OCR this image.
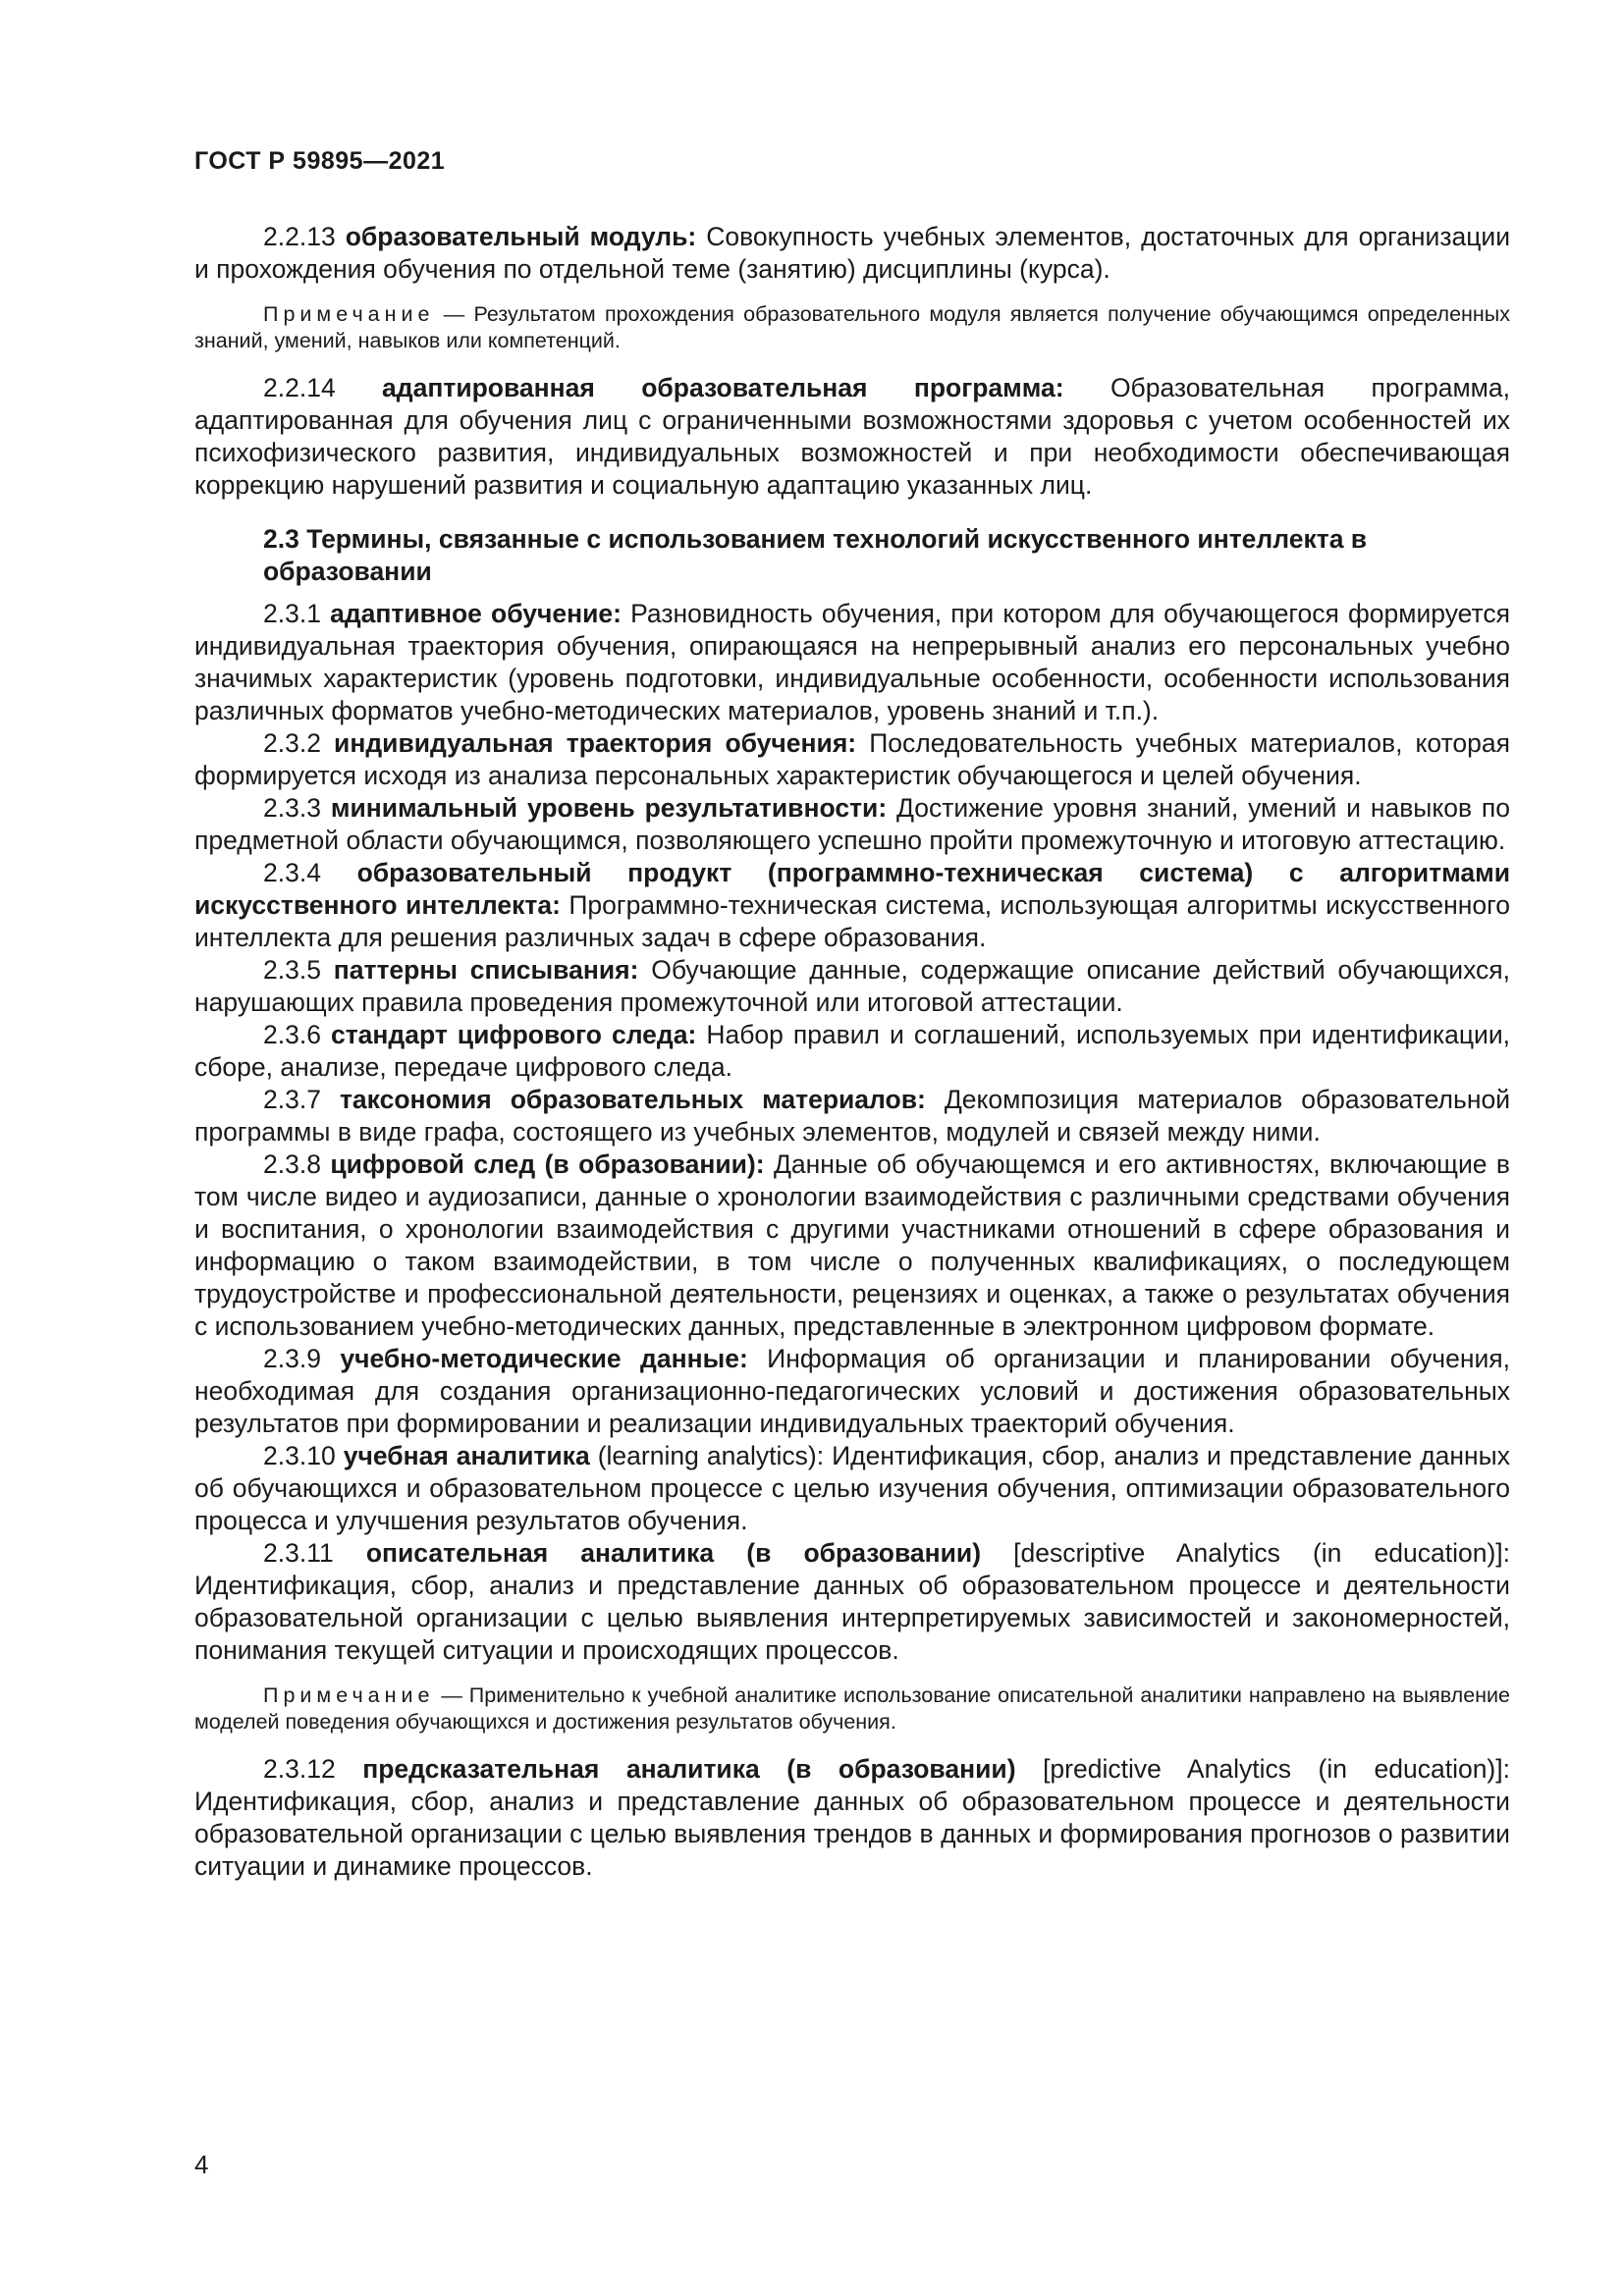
ГОСТ Р 59895—2021

2.2.13 образовательный модуль: Совокупность учебных элементов, достаточных для организации и прохождения обучения по отдельной теме (занятию) дисциплины (курса).

Примечание — Результатом прохождения образовательного модуля является получение обучающимся определенных знаний, умений, навыков или компетенций.

2.2.14 адаптированная образовательная программа: Образовательная программа, адаптированная для обучения лиц с ограниченными возможностями здоровья с учетом особенностей их психофизического развития, индивидуальных возможностей и при необходимости обеспечивающая коррекцию нарушений развития и социальную адаптацию указанных лиц.

2.3 Термины, связанные с использованием технологий искусственного интеллекта в образовании

2.3.1 адаптивное обучение: Разновидность обучения, при котором для обучающегося формируется индивидуальная траектория обучения, опирающаяся на непрерывный анализ его персональных учебно значимых характеристик (уровень подготовки, индивидуальные особенности, особенности использования различных форматов учебно-методических материалов, уровень знаний и т.п.).

2.3.2 индивидуальная траектория обучения: Последовательность учебных материалов, которая формируется исходя из анализа персональных характеристик обучающегося и целей обучения.

2.3.3 минимальный уровень результативности: Достижение уровня знаний, умений и навыков по предметной области обучающимся, позволяющего успешно пройти промежуточную и итоговую аттестацию.

2.3.4 образовательный продукт (программно-техническая система) с алгоритмами искусственного интеллекта: Программно-техническая система, использующая алгоритмы искусственного интеллекта для решения различных задач в сфере образования.

2.3.5 паттерны списывания: Обучающие данные, содержащие описание действий обучающихся, нарушающих правила проведения промежуточной или итоговой аттестации.

2.3.6 стандарт цифрового следа: Набор правил и соглашений, используемых при идентификации, сборе, анализе, передаче цифрового следа.

2.3.7 таксономия образовательных материалов: Декомпозиция материалов образовательной программы в виде графа, состоящего из учебных элементов, модулей и связей между ними.

2.3.8 цифровой след (в образовании): Данные об обучающемся и его активностях, включающие в том числе видео и аудиозаписи, данные о хронологии взаимодействия с различными средствами обучения и воспитания, о хронологии взаимодействия с другими участниками отношений в сфере образования и информацию о таком взаимодействии, в том числе о полученных квалификациях, о последующем трудоустройстве и профессиональной деятельности, рецензиях и оценках, а также о результатах обучения с использованием учебно-методических данных, представленные в электронном цифровом формате.

2.3.9 учебно-методические данные: Информация об организации и планировании обучения, необходимая для создания организационно-педагогических условий и достижения образовательных результатов при формировании и реализации индивидуальных траекторий обучения.

2.3.10 учебная аналитика (learning analytics): Идентификация, сбор, анализ и представление данных об обучающихся и образовательном процессе с целью изучения обучения, оптимизации образовательного процесса и улучшения результатов обучения.

2.3.11 описательная аналитика (в образовании) [descriptive Analytics (in education)]: Идентификация, сбор, анализ и представление данных об образовательном процессе и деятельности образовательной организации с целью выявления интерпретируемых зависимостей и закономерностей, понимания текущей ситуации и происходящих процессов.

Примечание — Применительно к учебной аналитике использование описательной аналитики направлено на выявление моделей поведения обучающихся и достижения результатов обучения.

2.3.12 предсказательная аналитика (в образовании) [predictive Analytics (in education)]: Идентификация, сбор, анализ и представление данных об образовательном процессе и деятельности образовательной организации с целью выявления трендов в данных и формирования прогнозов о развитии ситуации и динамике процессов.

4
